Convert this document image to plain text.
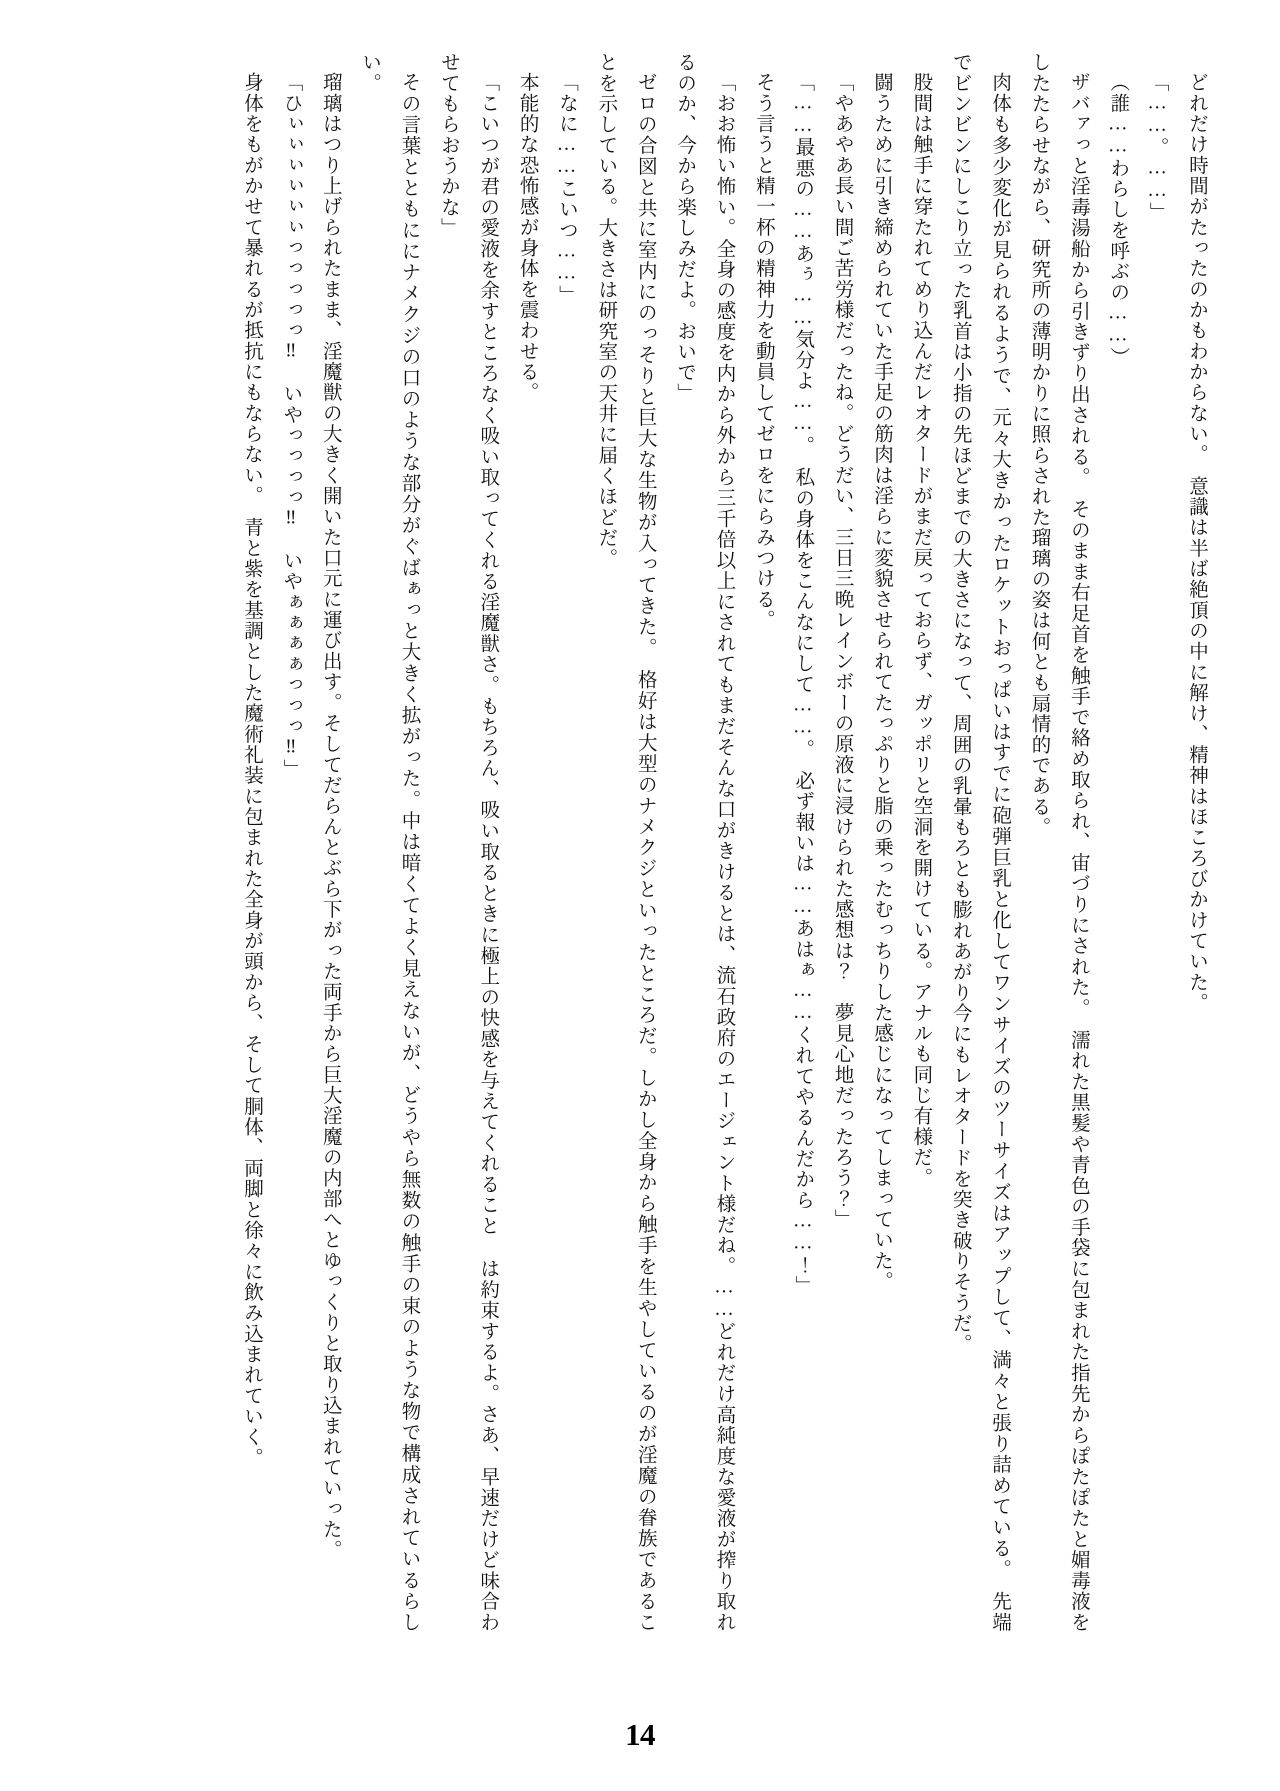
どれだけ時間がたったのかもわからない。　意識は半ば絶頂の中に解け、精神はほころびかけていた。

「……。……」

（誰……わらしを呼ぶの……）

ザバァっと淫毒湯船から引きずり出される。　そのまま右足首を触手で絡め取られ、宙づりにされた。　濡れた黒髪や青色の手袋に包まれた指先からぽたぽたと媚毒液をしたたらせながら、研究所の薄明かりに照らされた瑠璃の姿は何とも扇情的である。

肉体も多少変化が見られるようで、元々大きかったロケットおっぱいはすでに砲弾巨乳と化してワンサイズのツーサイズはアップして、満々と張り詰めている。　先端でビンビンにしこり立った乳首は小指の先ほどまでの大きさになって、周囲の乳暈もろとも膨れあがり今にもレオタードを突き破りそうだ。

股間は触手に穿たれてめり込んだレオタードがまだ戻っておらず、ガッポリと空洞を開けている。アナルも同じ有様だ。

闘うために引き締められていた手足の筋肉は淫らに変貌させられてたっぷりと脂の乗ったむっちりした感じになってしまっていた。

「やあやあ長い間ご苦労様だったね。どうだい、三日三晩レインボーの原液に浸けられた感想は？　夢見心地だったろう？」

「……最悪の……あぅ……気分よ……。　私の身体をこんなにして……。　必ず報いは……あはぁ……くれてやるんだから……！」

そう言うと精一杯の精神力を動員してゼロをにらみつける。

「おお怖い怖い。全身の感度を内から外から三千倍以上にされてもまだそんな口がきけるとは、流石政府のエージェント様だね。……どれだけ高純度な愛液が搾り取れるのか、今から楽しみだよ。おいで」

ゼロの合図と共に室内にのっそりと巨大な生物が入ってきた。　格好は大型のナメクジといったところだ。しかし全身から触手を生やしているのが淫魔の眷族であることを示している。大きさは研究室の天井に届くほどだ。

「なに……こいつ……」

本能的な恐怖感が身体を震わせる。

「こいつが君の愛液を余すところなく吸い取ってくれる淫魔獣さ。もちろん、吸い取るときに極上の快感を与えてくれること は約束するよ。さあ、早速だけど味合わせてもらおうかな」

その言葉とともににナメクジの口のような部分がぐばぁっと大きく拡がった。中は暗くてよく見えないが、どうやら無数の触手の束のような物で構成されているらしい。

瑠璃はつり上げられたまま、淫魔獣の大きく開いた口元に運び出す。そしてだらんとぶら下がった両手から巨大淫魔の内部へとゆっくりと取り込まれていった。

「ひぃぃぃぃぃぃっっっっっ‼　いやっっっっ‼　いやぁぁぁぁっっっ‼」

身体をもがかせて暴れるが抵抗にもならない。　青と紫を基調とした魔術礼装に包まれた全身が頭から、そして胴体、両脚と徐々に飲み込まれていく。

14
